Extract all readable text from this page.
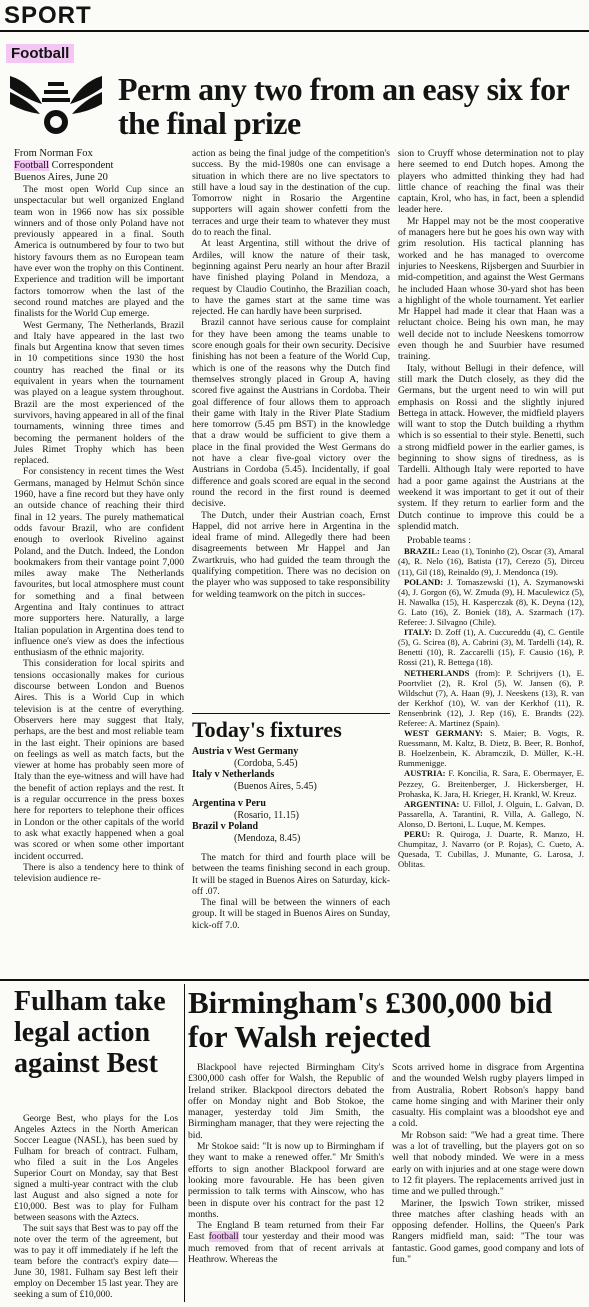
SPORT
Football
Perm any two from an easy six for the final prize
From Norman Fox
Football Correspondent
Buenos Aires, June 20

The most open World Cup since an unspectacular but well organized England team won in 1966 now has six possible winners and of those only Poland have not previously appeared in a final. South America is outnumbered by four to two but history favours them as no European team have ever won the trophy on this Continent. Experience and tradition will be important factors tomorrow when the last of the second round matches are played and the finalists for the World Cup emerge.

West Germany, The Netherlands, Brazil and Italy have appeared in the last two finals but Argentina know that seven times in 10 competitions since 1930 the host country has reached the final or its equivalent in years when the tournament was played on a league system throughout. Brazil are the most experienced of the survivors, having appeared in all of the final tournaments, winning three times and becoming the permanent holders of the Jules Rimet Trophy which has been replaced.

For consistency in recent times the West Germans, managed by Helmut Schön since 1960, have a fine record but they have only an outside chance of reaching their third final in 12 years. The purely mathematical odds favour Brazil, who are confident enough to overlook Rivelino against Poland, and the Dutch. Indeed, the London bookmakers from their vantage point 7,000 miles away make The Netherlands favourites, but local atmosphere must count for something and a final between Argentina and Italy continues to attract more supporters here. Naturally, a large Italian population in Argentina does tend to influence one's view as does the infectious enthusiasm of the ethnic majority.

This consideration for local spirits and tensions occasionally makes for curious discourse between London and Buenos Aires. This is a World Cup in which television is at the centre of everything. Observers here may suggest that Italy, perhaps, are the best and most reliable team in the last eight. Their opinions are based on feelings as well as match facts, but the viewer at home has probably seen more of Italy than the eye-witness and will have had the benefit of action replays and the rest. It is a regular occurrence in the press boxes here for reporters to telephone their offices in London or the other capitals of the world to ask what exactly happened when a goal was scored or when some other important incident occurred.

There is also a tendency here to think of television audience re-

action as being the final judge of the competition's success. By the mid-1980s one can envisage a situation in which there are no live spectators to still have a loud say in the destination of the cup. Tomorrow night in Rosario the Argentine supporters will again shower confetti from the terraces and urge their team to whatever they must do to reach the final.

At least Argentina, still without the drive of Ardiles, will know the nature of their task, beginning against Peru nearly an hour after Brazil have finished playing Poland in Mendoza, a request by Claudio Coutinho, the Brazilian coach, to have the games start at the same time was rejected. He can hardly have been surprised.

Brazil cannot have serious cause for complaint for they have been among the teams unable to score enough goals for their own security. Decisive finishing has not been a feature of the World Cup, which is one of the reasons why the Dutch find themselves strongly placed in Group A, having scored five against the Austrians in Cordoba. Their goal difference of four allows them to approach their game with Italy in the River Plate Stadium here tomorrow (5.45 pm BST) in the knowledge that a draw would be sufficient to give them a place in the final provided the West Germans do not have a clear five-goal victory over the Austrians in Cordoba (5.45). Incidentally, if goal difference and goals scored are equal in the second round the record in the first round is deemed decisive.

The Dutch, under their Austrian coach, Ernst Happel, did not arrive here in Argentina in the ideal frame of mind. Allegedly there had been disagreements between Mr Happel and Jan Zwartkruis, who had guided the team through the qualifying competition. There was no decision on the player who was supposed to take responsibility for welding teamwork on the pitch in succes-

Today's fixtures
Austria v West Germany
(Cordoba, 5.45)
Italy v Netherlands
(Buenos Aires, 5.45)
Argentina v Peru
(Rosario, 11.15)
Brazil v Poland
(Mendoza, 8.45)

The match for third and fourth place will be between the teams finishing second in each group. It will be staged in Buenos Aires on Saturday, kick-off .07.

The final will be between the winners of each group. It will be staged in Buenos Aires on Sunday, kick-off 7.0.

sion to Cruyff whose determination not to play here seemed to end Dutch hopes. Among the players who admitted thinking they had had little chance of reaching the final was their captain, Krol, who has, in fact, been a splendid leader here.

Mr Happel may not be the most cooperative of managers here but he goes his own way with grim resolution. His tactical planning has worked and he has managed to overcome injuries to Neeskens, Rijsbergen and Suurbier in mid-competition, and against the West Germans he included Haan whose 30-yard shot has been a highlight of the whole tournament. Yet earlier Mr Happel had made it clear that Haan was a reluctant choice. Being his own man, he may well decide not to include Neeskens tomorrow even though he and Suurbier have resumed training.

Italy, without Bellugi in their defence, will still mark the Dutch closely, as they did the Germans, but the urgent need to win will put emphasis on Rossi and the slightly injured Bettega in attack. However, the midfield players will want to stop the Dutch building a rhythm which is so essential to their style. Benetti, such a strong midfield power in the earlier games, is beginning to show signs of tiredness, as is Tardelli. Although Italy were reported to have had a poor game against the Austrians at the weekend it was important to get it out of their system. If they return to earlier form and the Dutch continue to improve this could be a splendid match.

Probable teams :

BRAZIL: Leao (1), Toninho (2), Oscar (3), Amaral (4), R. Nelo (16), Batista (17), Cerezo (5), Dirceu (11), Gil (18), Reinaldo (9), J. Mendonca (19).

POLAND: J. Tomaszewski (1), A. Szymanowski (4), J. Gorgon (6), W. Zmuda (9), H. Maculewicz (5), H. Nawalka (15), H. Kasperczak (8), K. Deyna (12), G. Lato (16), Z. Boniek (18), A. Szarmach (17). Referee: J. Silvagno (Chile).

ITALY: D. Zoff (1), A. Cuccureddu (4), C. Gentile (5), G. Scirea (8), A. Cabrini (3), M. Tardelli (14), R. Benetti (10), R. Zaccarelli (15), F. Causio (16), P. Rossi (21), R. Bettega (18).

NETHERLANDS (from): P. Schrijvers (1), E. Poortvliet (2), R. Krol (5), W. Jansen (6), P. Wildschut (7), A. Haan (9), J. Neeskens (13), R. van der Kerkhof (10), W. van der Kerkhof (11), R. Rensenbrink (12), J. Rep (16), E. Brandts (22). Referee: A. Martinez (Spain).

WEST GERMANY: S. Maier; B. Vogts, R. Ruessmann, M. Kaltz, B. Dietz, B. Beer, R. Bonhof, B. Hoelzenbein, K. Abramczik, D. Müller, K.-H. Rummenigge.

AUSTRIA: F. Koncilia, R. Sara, E. Obermayer, E. Pezzey, G. Breitenberger, J. Hickersberger, H. Prohaska, K. Jara, H. Krieger, H. Krankl, W. Kreuz.

ARGENTINA: U. Fillol, J. Olguin, L. Galvan, D. Passarella, A. Tarantini, R. Villa, A. Gallego, N. Alonso, D. Bertoni, L. Luque, M. Kempes.

PERU: R. Quiroga, J. Duarte, R. Manzo, H. Chumpitaz, J. Navarro (or P. Rojas), C. Cueto, A. Quesada, T. Cubillas, J. Munante, G. Larosa, J. Oblitas.

Fulham take legal action against Best

George Best, who plays for the Los Angeles Aztecs in the North American Soccer League (NASL), has been sued by Fulham for breach of contract. Fulham, who filed a suit in the Los Angeles Superior Court on Monday, say that Best signed a multi-year contract with the club last August and also signed a note for £10,000. Best was to play for Fulham between seasons with the Aztecs.

The suit says that Best was to pay off the note over the term of the agreement, but was to pay it off immediately if he left the team before the contract's expiry date—June 30, 1981. Fulham say Best left their employ on December 15 last year. They are seeking a sum of £10,000.

Birmingham's £300,000 bid for Walsh rejected

Blackpool have rejected Birmingham City's £300,000 cash offer for Walsh, the Republic of Ireland striker. Blackpool directors debated the offer on Monday night and Bob Stokoe, the manager, yesterday told Jim Smith, the Birmingham manager, that they were rejecting the bid.

Mr Stokoe said: "It is now up to Birmingham if they want to make a renewed offer." Mr Smith's efforts to sign another Blackpool forward are looking more favourable. He has been given permission to talk terms with Ainscow, who has been in dispute over his contract for the past 12 months.

The England B team returned from their Far East football tour yesterday and their mood was much removed from that of recent arrivals at Heathrow. Whereas the

Scots arrived home in disgrace from Argentina and the wounded Welsh rugby players limped in from Australia, Robert Robson's happy band came home singing and with Mariner their only casualty. His complaint was a bloodshot eye and a cold.

Mr Robson said: "We had a great time. There was a lot of travelling, but the players got on so well that nobody minded. We were in a mess early on with injuries and at one stage were down to 12 fit players. The replacements arrived just in time and we pulled through."

Mariner, the Ipswich Town striker, missed three matches after clashing heads with an opposing defender. Hollins, the Queen's Park Rangers midfield man, said: "The tour was fantastic. Good games, good company and lots of fun."
